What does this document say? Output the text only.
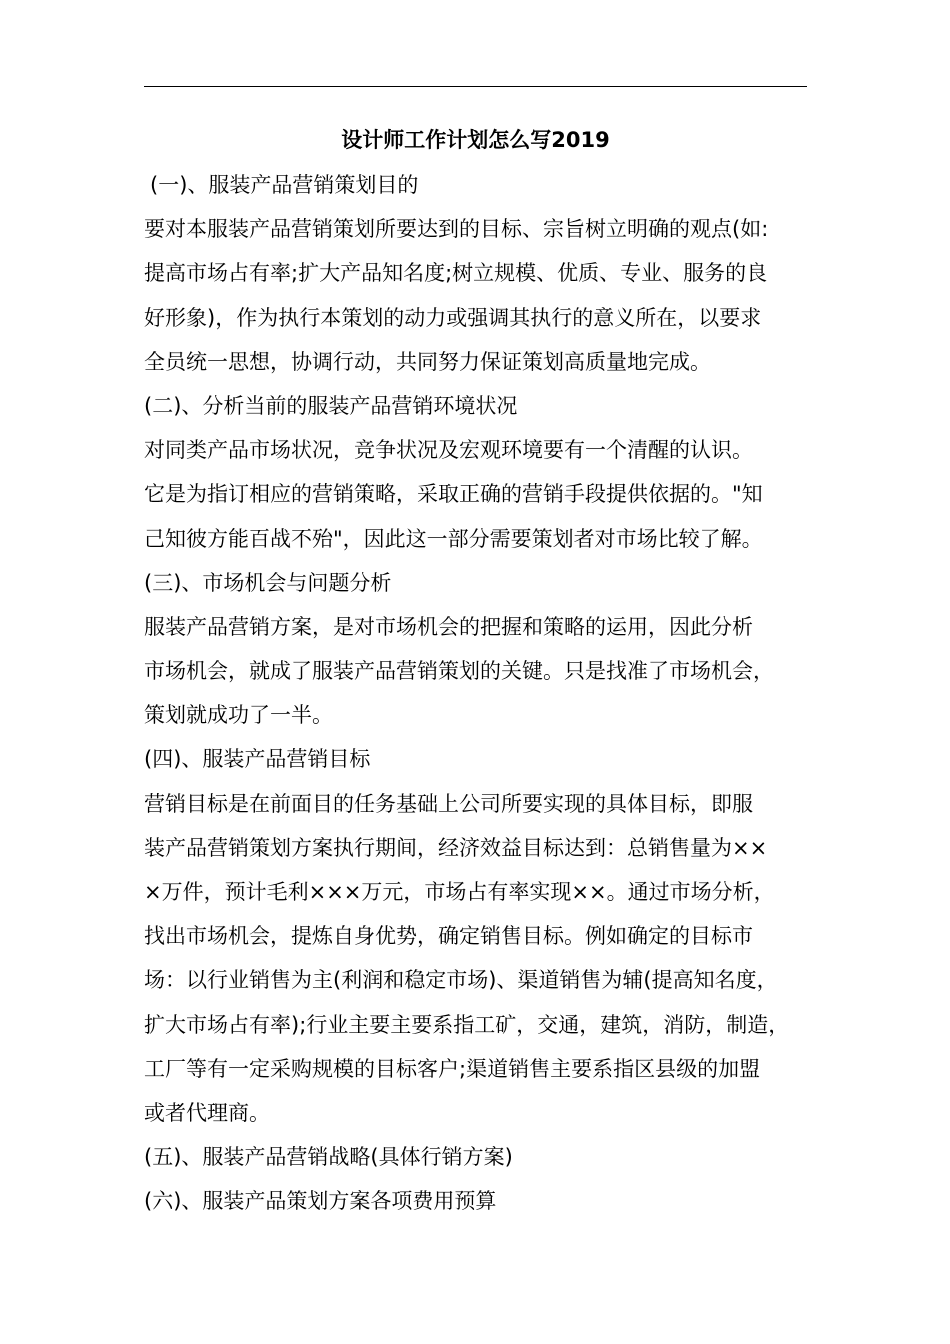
设计师工作计划怎么写2019
(一)、服装产品营销策划目的
要对本服装产品营销策划所要达到的目标、宗旨树立明确的观点(如:
提高市场占有率;扩大产品知名度;树立规模、优质、专业、服务的良
好形象)，作为执行本策划的动力或强调其执行的意义所在，以要求
全员统一思想，协调行动，共同努力保证策划高质量地完成。
(二)、分析当前的服装产品营销环境状况
对同类产品市场状况，竞争状况及宏观环境要有一个清醒的认识。
它是为指订相应的营销策略，采取正确的营销手段提供依据的。"知
己知彼方能百战不殆"，因此这一部分需要策划者对市场比较了解。
(三)、市场机会与问题分析
服装产品营销方案，是对市场机会的把握和策略的运用，因此分析
市场机会，就成了服装产品营销策划的关键。只是找准了市场机会，
策划就成功了一半。
(四)、服装产品营销目标
营销目标是在前面目的任务基础上公司所要实现的具体目标，即服
装产品营销策划方案执行期间，经济效益目标达到：总销售量为××
×万件，预计毛利×××万元，市场占有率实现××。通过市场分析，
找出市场机会，提炼自身优势，确定销售目标。例如确定的目标市
场：以行业销售为主(利润和稳定市场)、渠道销售为辅(提高知名度，
扩大市场占有率);行业主要主要系指工矿，交通，建筑，消防，制造，
工厂等有一定采购规模的目标客户;渠道销售主要系指区县级的加盟
或者代理商。
(五)、服装产品营销战略(具体行销方案)
(六)、服装产品策划方案各项费用预算
